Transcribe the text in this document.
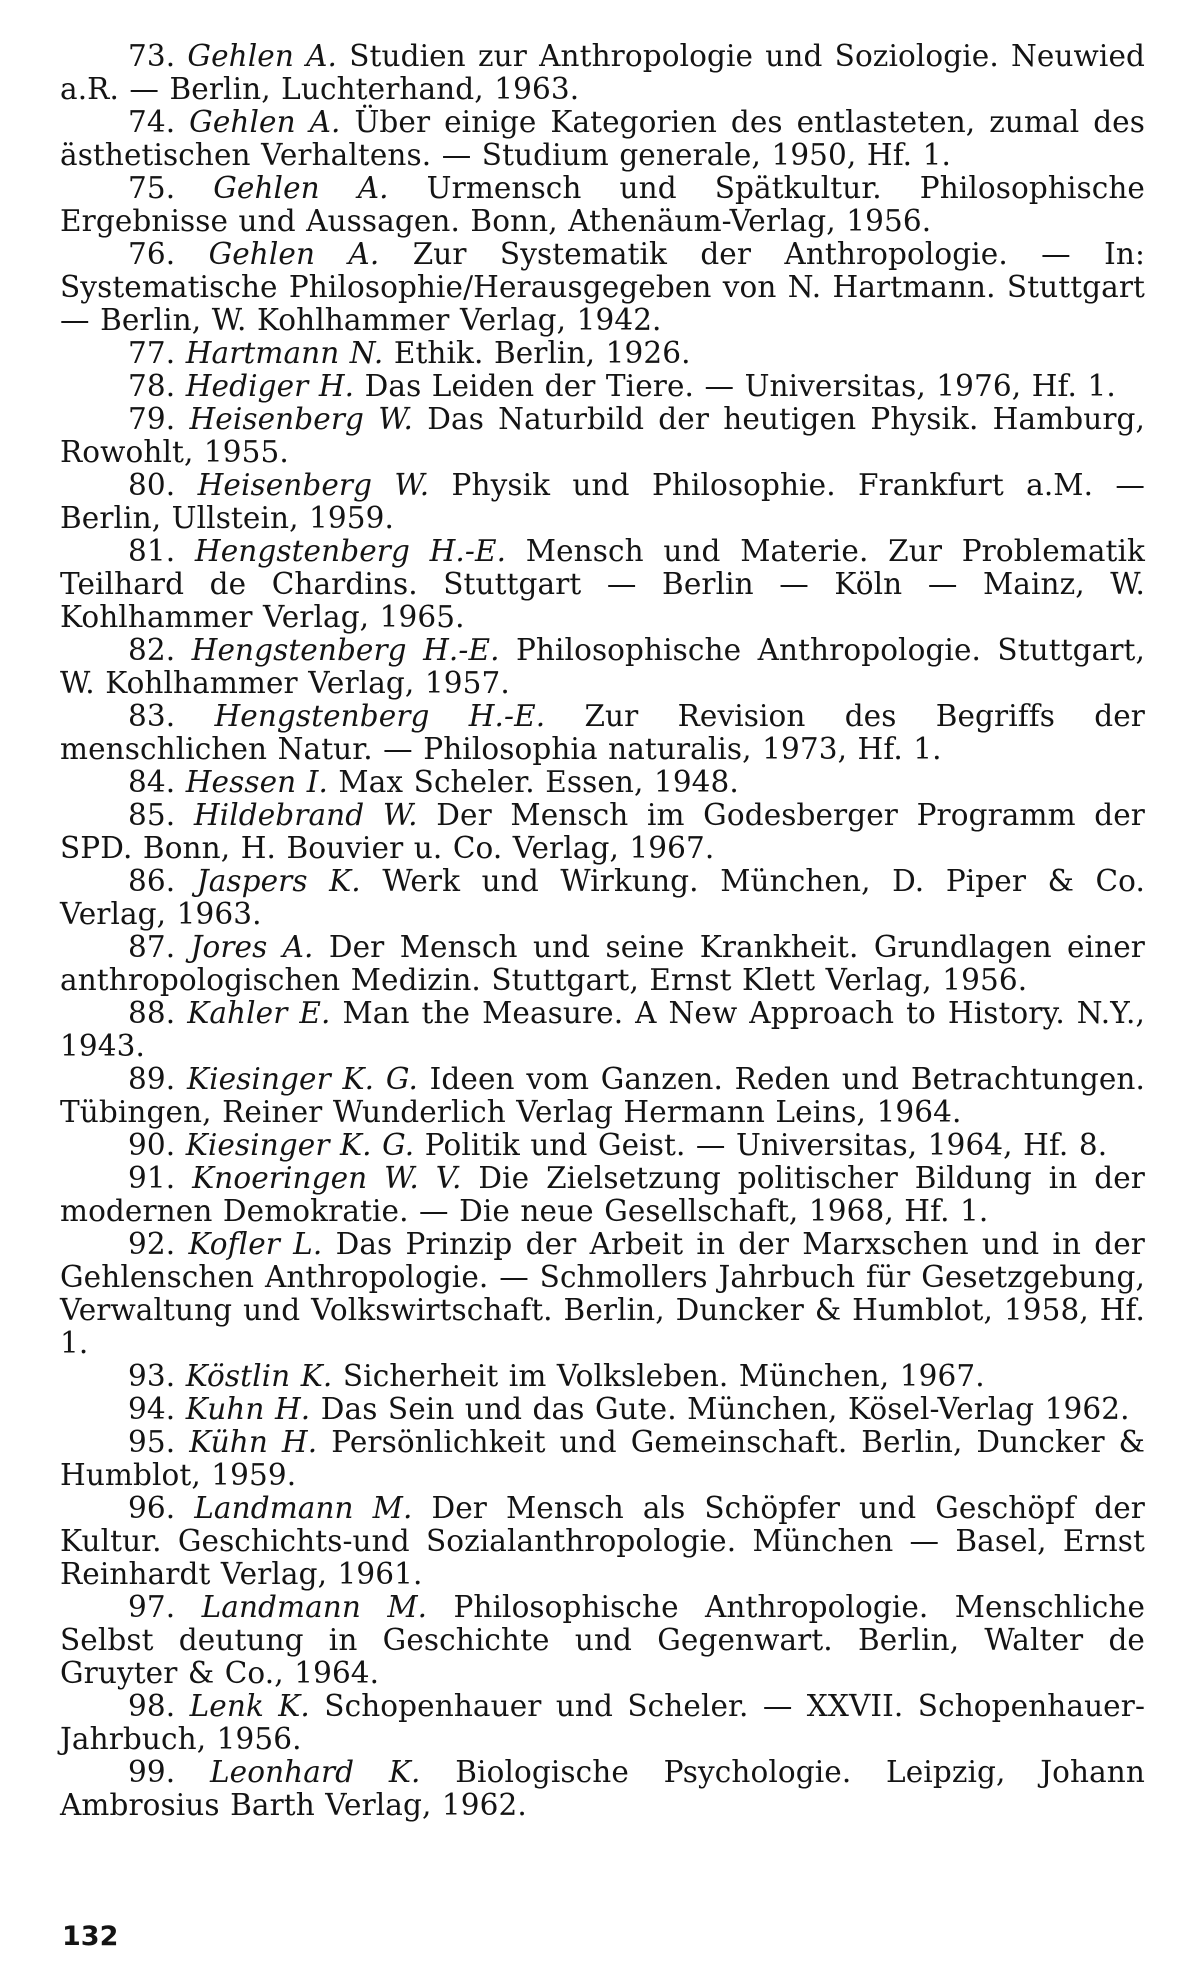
73. Gehlen A. Studien zur Anthropologie und Soziologie. Neuwied a.R. — Berlin, Luchterhand, 1963.

74. Gehlen A. Über einige Kategorien des entlasteten, zumal des ästhetischen Verhaltens. — Studium generale, 1950, Hf. 1.

75. Gehlen A. Urmensch und Spätkultur. Philosophische Ergebnisse und Aussagen. Bonn, Athenäum-Verlag, 1956.

76. Gehlen A. Zur Systematik der Anthropologie. — In: Systematische Philosophie/Herausgegeben von N. Hartmann. Stuttgart — Berlin, W. Kohlhammer Verlag, 1942.

77. Hartmann N. Ethik. Berlin, 1926.

78. Hediger H. Das Leiden der Tiere. — Universitas, 1976, Hf. 1.

79. Heisenberg W. Das Naturbild der heutigen Physik. Hamburg, Rowohlt, 1955.

80. Heisenberg W. Physik und Philosophie. Frankfurt a.M. — Berlin, Ullstein, 1959.

81. Hengstenberg H.-E. Mensch und Materie. Zur Problematik Teilhard de Chardins. Stuttgart — Berlin — Köln — Mainz, W. Kohlhammer Verlag, 1965.

82. Hengstenberg H.-E. Philosophische Anthropologie. Stuttgart, W. Kohlhammer Verlag, 1957.

83. Hengstenberg H.-E. Zur Revision des Begriffs der menschlichen Natur. — Philosophia naturalis, 1973, Hf. 1.

84. Hessen I. Max Scheler. Essen, 1948.

85. Hildebrand W. Der Mensch im Godesberger Programm der SPD. Bonn, H. Bouvier u. Co. Verlag, 1967.

86. Jaspers K. Werk und Wirkung. München, D. Piper & Co. Verlag, 1963.

87. Jores A. Der Mensch und seine Krankheit. Grundlagen einer anthropologischen Medizin. Stuttgart, Ernst Klett Verlag, 1956.

88. Kahler E. Man the Measure. A New Approach to History. N.Y., 1943.

89. Kiesinger K. G. Ideen vom Ganzen. Reden und Betrachtungen. Tübingen, Reiner Wunderlich Verlag Hermann Leins, 1964.

90. Kiesinger K. G. Politik und Geist. — Universitas, 1964, Hf. 8.

91. Knoeringen W. V. Die Zielsetzung politischer Bildung in der modernen Demokratie. — Die neue Gesellschaft, 1968, Hf. 1.

92. Kofler L. Das Prinzip der Arbeit in der Marxschen und in der Gehlenschen Anthropologie. — Schmollers Jahrbuch für Gesetzgebung, Verwaltung und Volkswirtschaft. Berlin, Duncker & Humblot, 1958, Hf. 1.

93. Köstlin K. Sicherheit im Volksleben. München, 1967.

94. Kuhn H. Das Sein und das Gute. München, Kösel-Verlag 1962.

95. Kühn H. Persönlichkeit und Gemeinschaft. Berlin, Duncker & Humblot, 1959.

96. Landmann M. Der Mensch als Schöpfer und Geschöpf der Kultur. Geschichts-und Sozialanthropologie. München — Basel, Ernst Reinhardt Verlag, 1961.

97. Landmann M. Philosophische Anthropologie. Menschliche Selbst deutung in Geschichte und Gegenwart. Berlin, Walter de Gruyter & Co., 1964.

98. Lenk K. Schopenhauer und Scheler. — XXVII. Schopenhauer-Jahrbuch, 1956.

99. Leonhard K. Biologische Psychologie. Leipzig, Johann Ambrosius Barth Verlag, 1962.

132
